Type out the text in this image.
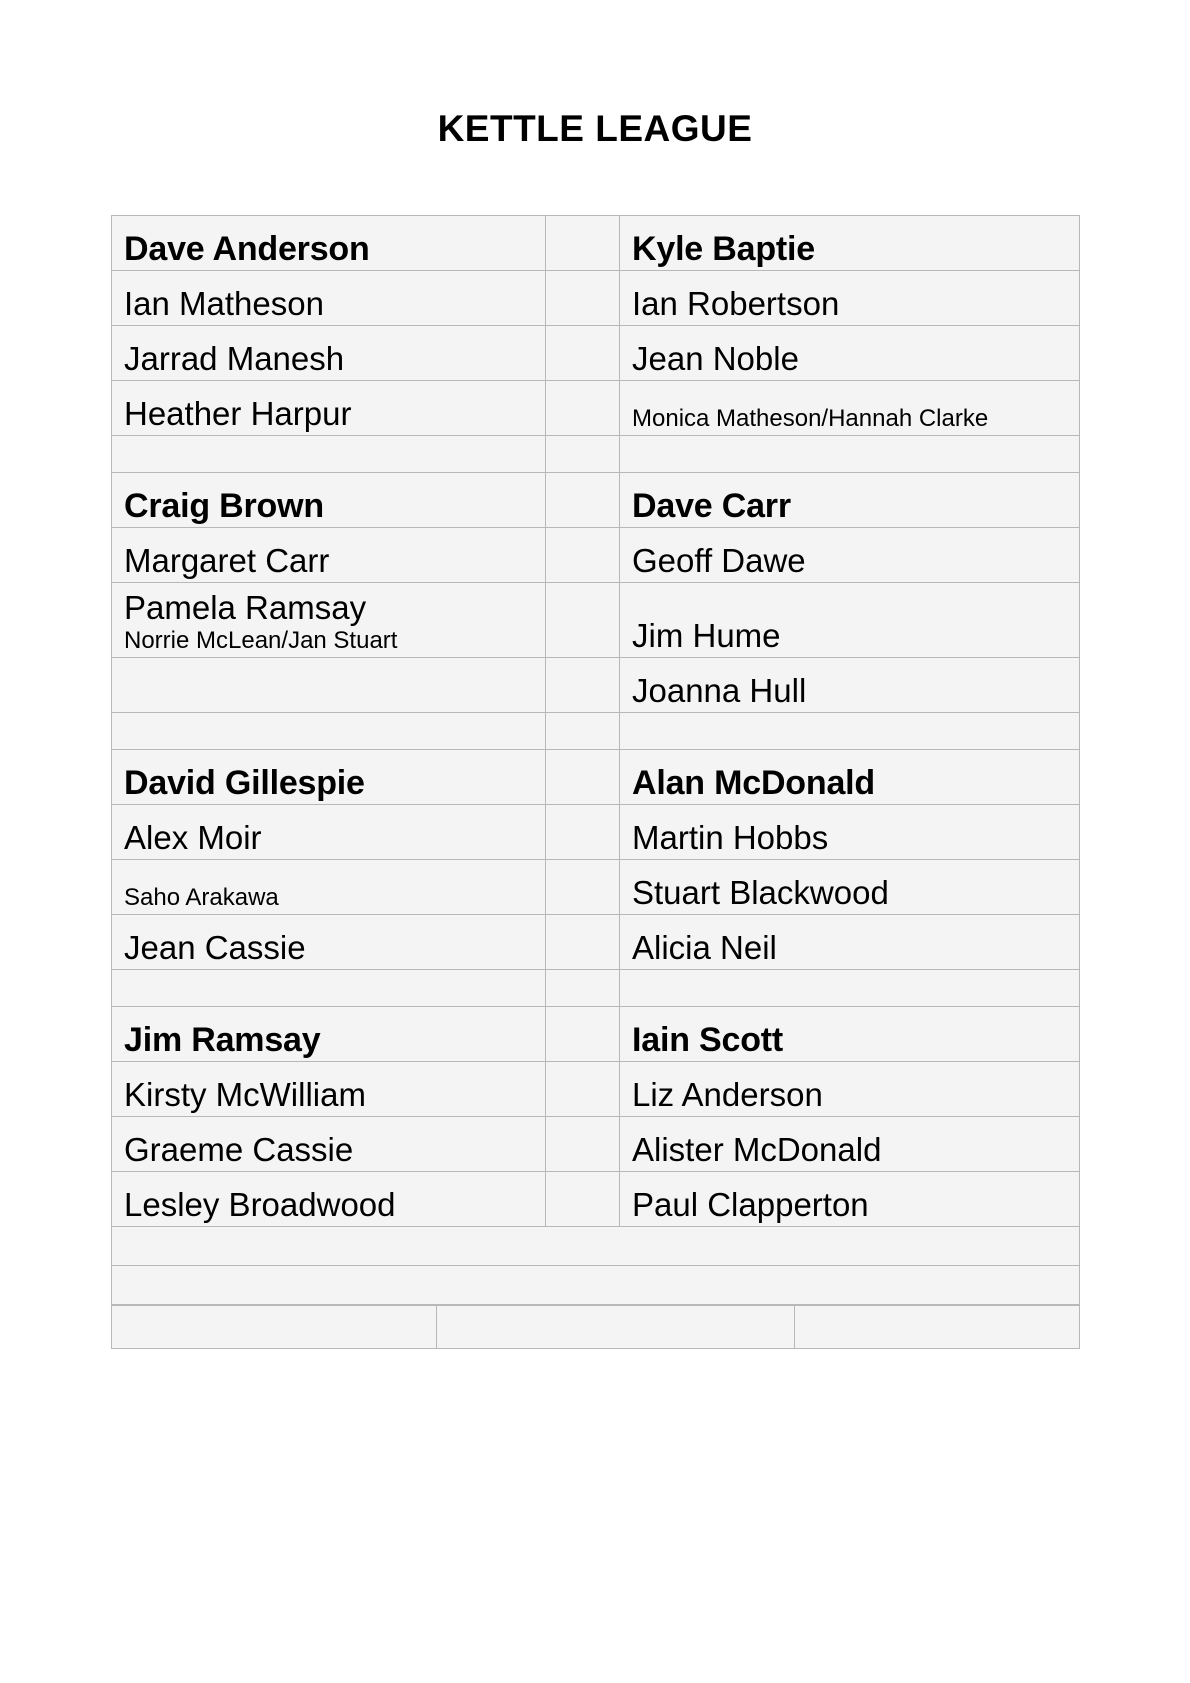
KETTLE LEAGUE
Dave Anderson		Kyle Baptie

Ian Matheson		Ian Robertson

Jarrad Manesh		Jean Noble

Heather Harpur		Monica Matheson/Hannah Clarke

Craig Brown		Dave Carr

Margaret Carr		Geoff Dawe

Pamela Ramsay
Norrie McLean/Jan Stuart		Jim Hume

		Joanna Hull

David Gillespie		Alan McDonald

Alex Moir		Martin Hobbs

Saho Arakawa		Stuart Blackwood

Jean Cassie		Alicia Neil

Jim Ramsay		Iain Scott

Kirsty McWilliam		Liz Anderson

Graeme Cassie		Alister McDonald

Lesley Broadwood		Paul Clapperton
